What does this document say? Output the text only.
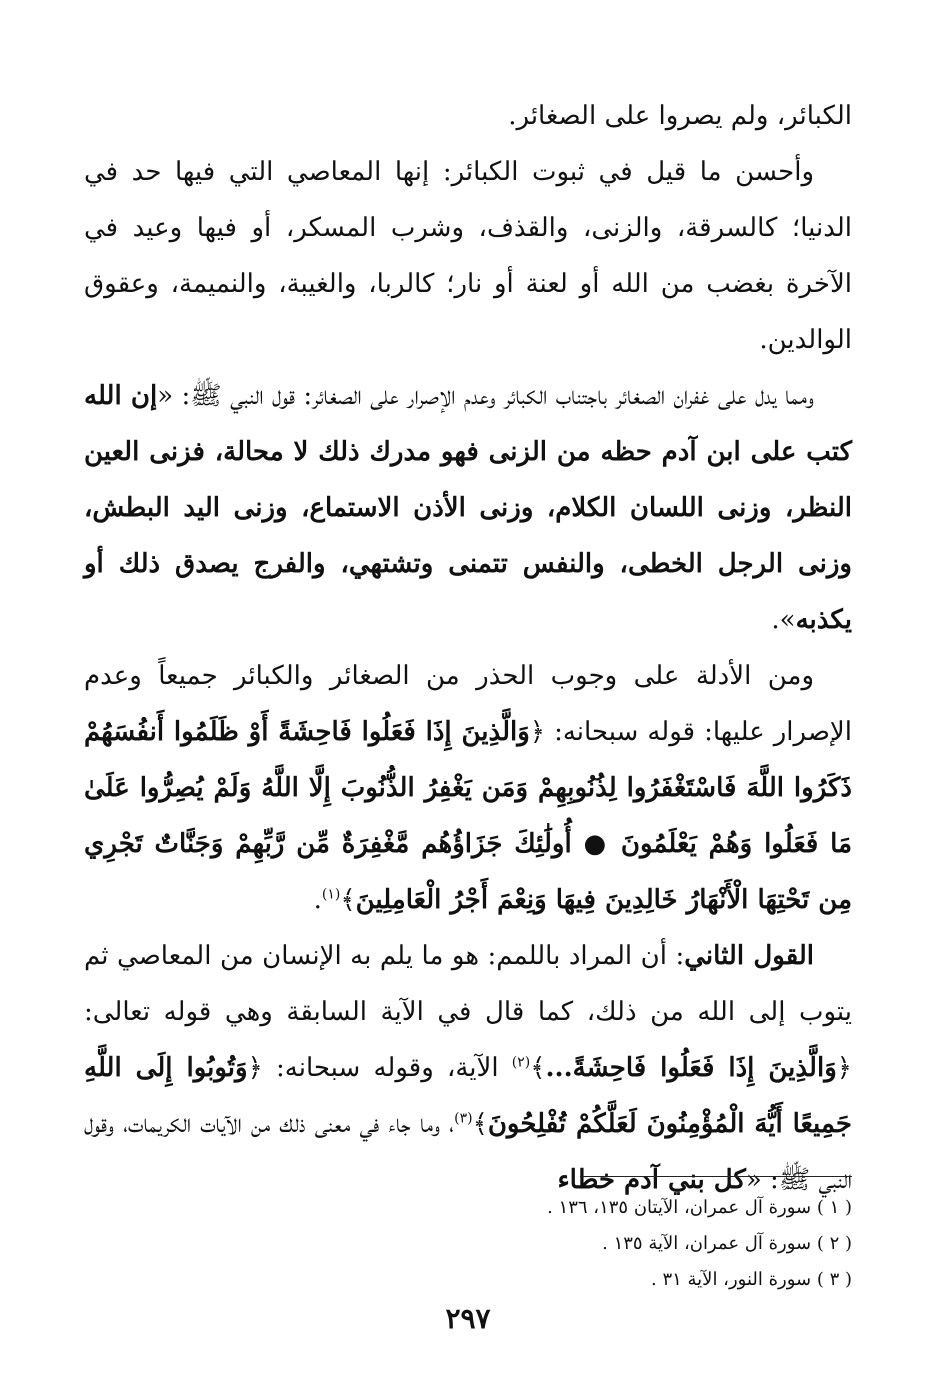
الكبائر، ولم يصروا على الصغائر.

وأحسن ما قيل في ثبوت الكبائر: إنها المعاصي التي فيها حد في الدنيا؛ كالسرقة، والزنى، والقذف، وشرب المسكر، أو فيها وعيد في الآخرة بغضب من الله أو لعنة أو نار؛ كالربا، والغيبة، والنميمة، وعقوق الوالدين.

ومما يدل على غفران الصغائر باجتناب الكبائر وعدم الإصرار على الصغائر: قول النبي ﷺ: «إن الله كتب على ابن آدم حظه من الزنى فهو مدرك ذلك لا محالة، فزنى العين النظر، وزنى اللسان الكلام، وزنى الأذن الاستماع، وزنى اليد البطش، وزنى الرجل الخطى، والنفس تتمنى وتشتهي، والفرج يصدق ذلك أو يكذبه».

ومن الأدلة على وجوب الحذر من الصغائر والكبائر جميعاً وعدم الإصرار عليها: قوله سبحانه: ﴿وَالَّذِينَ إِذَا فَعَلُوا فَاحِشَةً أَوْ ظَلَمُوا أَنفُسَهُمْ ذَكَرُوا اللَّهَ فَاسْتَغْفَرُوا لِذُنُوبِهِمْ وَمَن يَغْفِرُ الذُّنُوبَ إِلَّا اللَّهُ وَلَمْ يُصِرُّوا عَلَىٰ مَا فَعَلُوا وَهُمْ يَعْلَمُونَ ● أُولَٰئِكَ جَزَاؤُهُم مَّغْفِرَةٌ مِّن رَّبِّهِمْ وَجَنَّاتٌ تَجْرِي مِن تَحْتِهَا الْأَنْهَارُ خَالِدِينَ فِيهَا وَنِعْمَ أَجْرُ الْعَامِلِينَ﴾$^{(١)}$.

القول الثاني: أن المراد باللمم: هو ما يلم به الإنسان من المعاصي ثم يتوب إلى الله من ذلك، كما قال في الآية السابقة وهي قوله تعالى: ﴿وَالَّذِينَ إِذَا فَعَلُوا فَاحِشَةً...﴾$^{(٢)}$ الآية، وقوله سبحانه: ﴿وَتُوبُوا إِلَى اللَّهِ جَمِيعًا أَيُّهَ الْمُؤْمِنُونَ لَعَلَّكُمْ تُفْلِحُونَ﴾$^{(٣)}$، وما جاء في معنى ذلك من الآيات الكريمات، وقول النبي ﷺ: «كل بني آدم خطاء

( ١ ) سورة آل عمران، الآيتان ١٣٥، ١٣٦ .

( ٢ ) سورة آل عمران، الآية ١٣٥ .

( ٣ ) سورة النور، الآية ٣١ .

٢٩٧
